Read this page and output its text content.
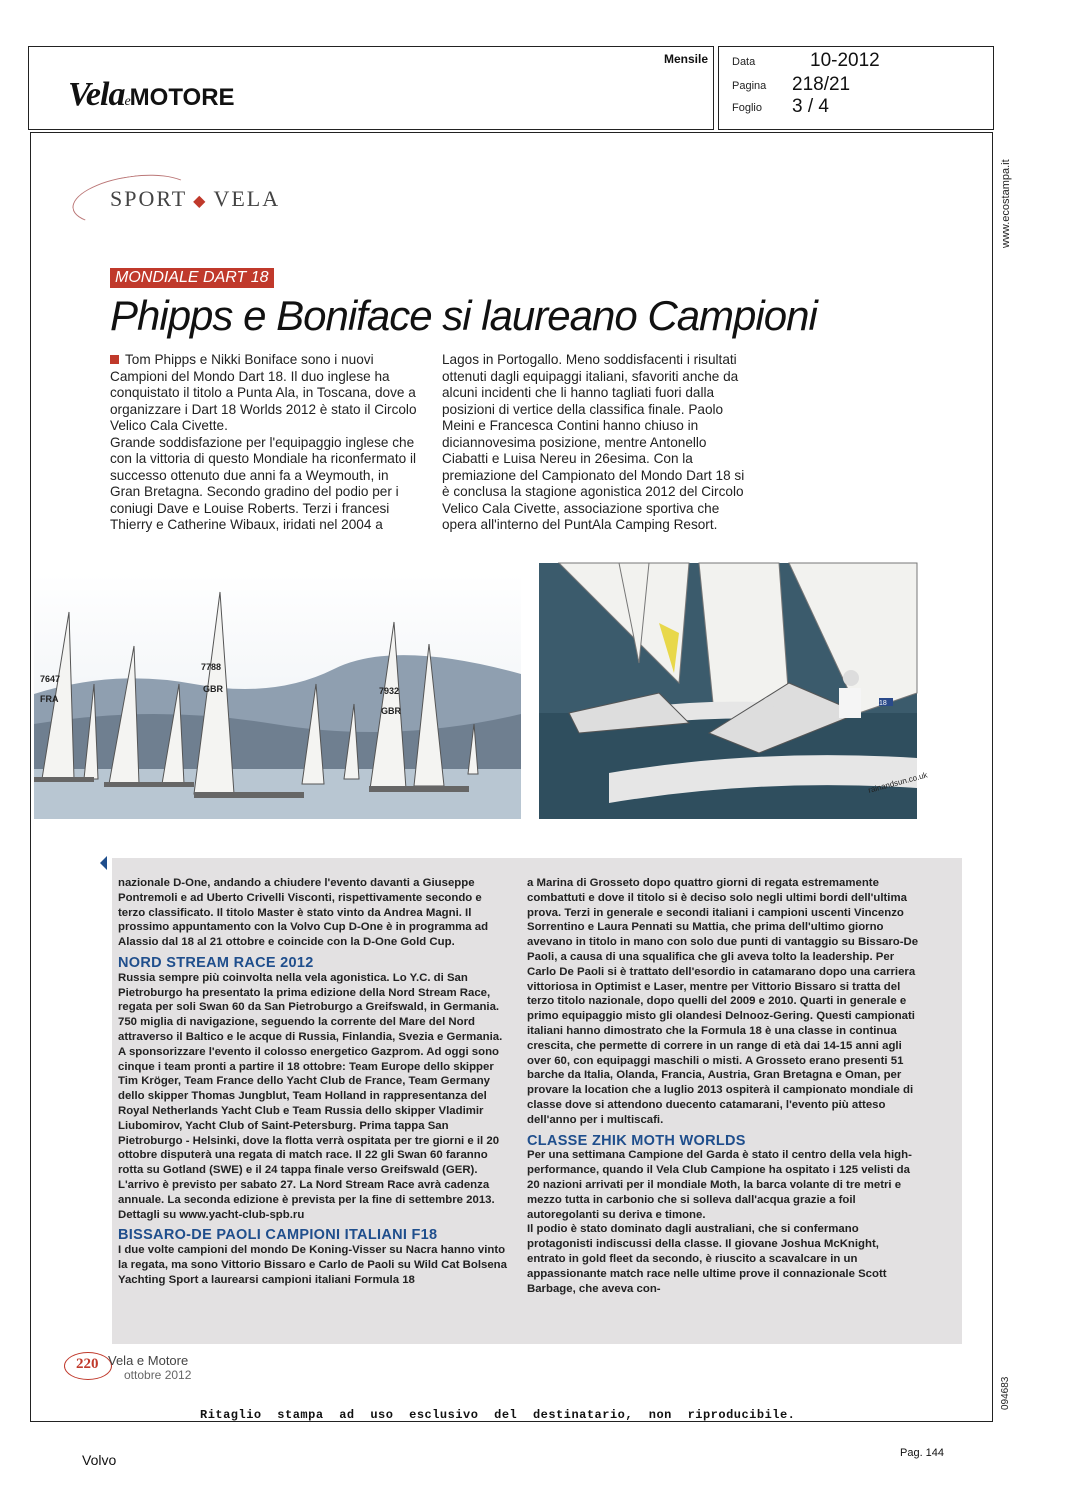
VelaeMOTORE
Mensile Data	10-2012
Pagina 218/21
Foglio 3 / 4
www.ecostampa.it
094683
SPORT ◆ VELA
MONDIALE DART 18
Phipps e Boniface si laureano Campioni

Tom Phipps e Nikki Boniface sono i nuovi Campioni del Mondo Dart 18. Il duo inglese ha conquistato il titolo a Punta Ala, in Toscana, dove a organizzare i Dart 18 Worlds 2012 è stato il Circolo Velico Cala Civette.

Grande soddisfazione per l'equipaggio inglese che con la vittoria di questo Mondiale ha riconfermato il successo ottenuto due anni fa a Weymouth, in Gran Bretagna. Secondo gradino del podio per i coniugi Dave e Louise Roberts. Terzi i francesi Thierry e Catherine Wibaux, iridati nel 2004 a

Lagos in Portogallo. Meno soddisfacenti i risultati ottenuti dagli equipaggi italiani, sfavoriti anche da alcuni incidenti che li hanno tagliati fuori dalla posizioni di vertice della classifica finale. Paolo Meini e Francesca Contini hanno chiuso in diciannovesima posizione, mentre Antonello Ciabatti e Luisa Nereu in 26esima. Con la premiazione del Campionato del Mondo Dart 18 si è conclusa la stagione agonistica 2012 del Circolo Velico Cala Civette, associazione sportiva che opera all'interno del PuntAla Camping Resort.

7647
FRA
7788
GBR	7932
GBR
rainandsun.co.uk
18

nazionale D-One, andando a chiudere l'evento davanti a Giuseppe Pontremoli e ad Uberto Crivelli Visconti, rispettivamente secondo e terzo classificato. Il titolo Master è stato vinto da Andrea Magni. Il prossimo appuntamento con la Volvo Cup D-One è in programma ad Alassio dal 18 al 21 ottobre e coincide con la D-One Gold Cup.

NORD STREAM RACE 2012

Russia sempre più coinvolta nella vela agonistica. Lo Y.C. di San Pietroburgo ha presentato la prima edizione della Nord Stream Race, regata per soli Swan 60 da San Pietroburgo a Greifswald, in Germania. 750 miglia di navigazione, seguendo la corrente del Mare del Nord attraverso il Baltico e le acque di Russia, Finlandia, Svezia e Germania. A sponsorizzare l'evento il colosso energetico Gazprom. Ad oggi sono cinque i team pronti a partire il 18 ottobre: Team Europe dello skipper Tim Kröger, Team France dello Yacht Club de France, Team Germany dello skipper Thomas Jungblut, Team Holland in rappresentanza del Royal Netherlands Yacht Club e Team Russia dello skipper Vladimir Liubomirov, Yacht Club of Saint-Petersburg. Prima tappa San Pietroburgo - Helsinki, dove la flotta verrà ospitata per tre giorni e il 20 ottobre disputerà una regata di match race. Il 22 gli Swan 60 faranno rotta su Gotland (SWE) e il 24 tappa finale verso Greifswald (GER). L'arrivo è previsto per sabato 27. La Nord Stream Race avrà cadenza annuale. La seconda edizione è prevista per la fine di settembre 2013. Dettagli su www.yacht-club-spb.ru

BISSARO-DE PAOLI CAMPIONI ITALIANI F18

I due volte campioni del mondo De Koning-Visser su Nacra hanno vinto la regata, ma sono Vittorio Bissaro e Carlo de Paoli su Wild Cat Bolsena Yachting Sport a laurearsi campioni italiani Formula 18

a Marina di Grosseto dopo quattro giorni di regata estremamente combattuti e dove il titolo si è deciso solo negli ultimi bordi dell'ultima prova. Terzi in generale e secondi italiani i campioni uscenti Vincenzo Sorrentino e Laura Pennati su Mattia, che prima dell'ultimo giorno avevano in titolo in mano con solo due punti di vantaggio su Bissaro-De Paoli, a causa di una squalifica che gli aveva tolto la leadership. Per Carlo De Paoli si è trattato dell'esordio in catamarano dopo una carriera vittoriosa in Optimist e Laser, mentre per Vittorio Bissaro si tratta del terzo titolo nazionale, dopo quelli del 2009 e 2010. Quarti in generale e primo equipaggio misto gli olandesi Delnooz-Gering. Questi campionati italiani hanno dimostrato che la Formula 18 è una classe in continua crescita, che permette di correre in un range di età dai 14-15 anni agli over 60, con equipaggi maschili o misti. A Grosseto erano presenti 51 barche da Italia, Olanda, Francia, Austria, Gran Bretagna e Oman, per provare la location che a luglio 2013 ospiterà il campionato mondiale di classe dove si attendono duecento catamarani, l'evento più atteso dell'anno per i multiscafi.

CLASSE ZHIK MOTH WORLDS

Per una settimana Campione del Garda è stato il centro della vela high-performance, quando il Vela Club Campione ha ospitato i 125 velisti da 20 nazioni arrivati per il mondiale Moth, la barca volante di tre metri e mezzo tutta in carbonio che si solleva dall'acqua grazie a foil autoregolanti su deriva e timone.

Il podio è stato dominato dagli australiani, che si confermano protagonisti indiscussi della classe. Il giovane Joshua McKnight, entrato in gold fleet da secondo, è riuscito a scavalcare in un appassionante match race nelle ultime prove il connazionale Scott Barbage, che aveva con-

220 Vela e Motore
ottobre 2012
Ritaglio stampa ad uso esclusivo del destinatario, non riproducibile.
Volvo	Pag. 144
